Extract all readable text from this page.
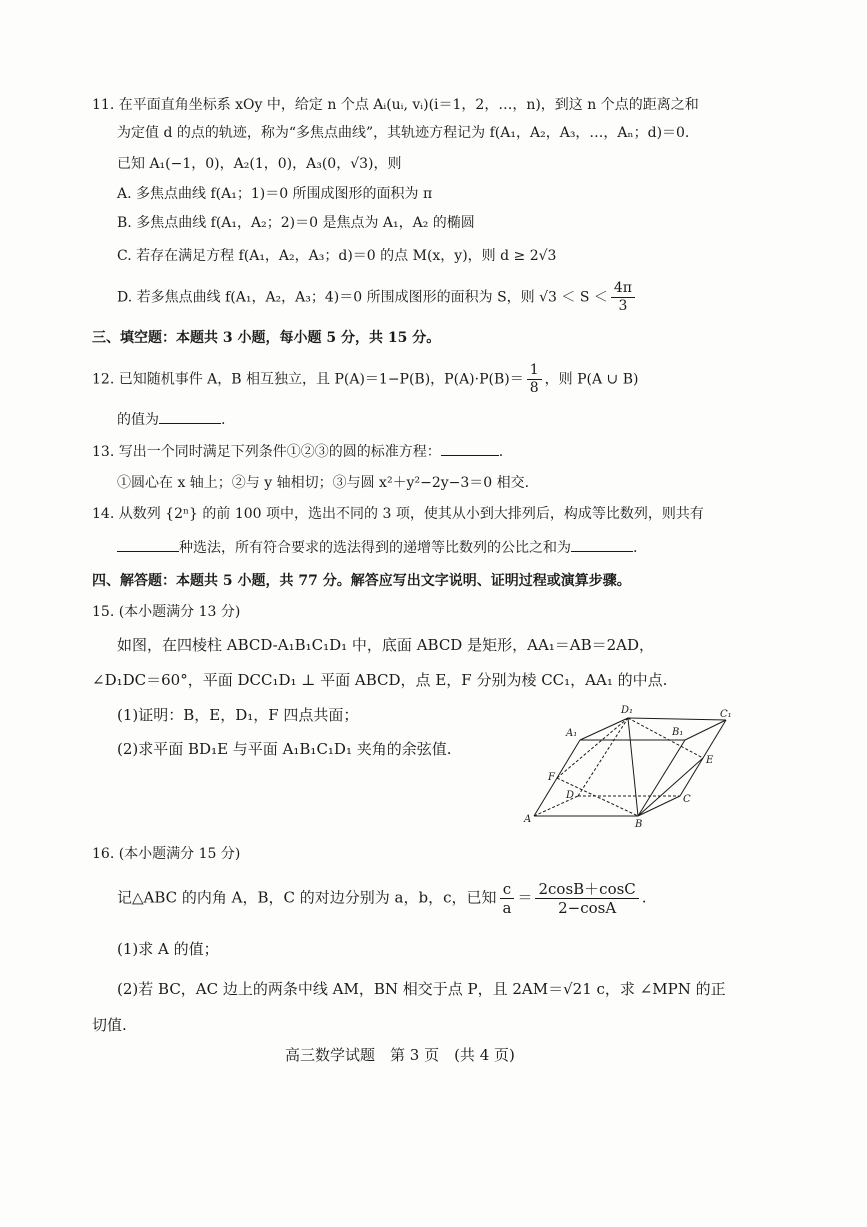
11. 在平面直角坐标系 xOy 中，给定 n 个点 Aᵢ(uᵢ, vᵢ)(i＝1，2，…，n)，到这 n 个点的距离之和
为定值 d 的点的轨迹，称为“多焦点曲线”，其轨迹方程记为 f(A₁，A₂，A₃，…，Aₙ；d)＝0.
已知 A₁(−1，0)，A₂(1，0)，A₃(0，√3)，则
A. 多焦点曲线 f(A₁；1)＝0 所围成图形的面积为 π
B. 多焦点曲线 f(A₁，A₂；2)＝0 是焦点为 A₁，A₂ 的椭圆
C. 若存在满足方程 f(A₁，A₂，A₃；d)＝0 的点 M(x，y)，则 d ≥ 2√3
D. 若多焦点曲线 f(A₁，A₂，A₃；4)＝0 所围成图形的面积为 S，则 $√3 < S < \frac{4\pi}{3}$
三、填空题：本题共 3 小题，每小题 5 分，共 15 分。
12. 已知随机事件 A，B 相互独立，且 P(A)＝1−P(B)，$P(A)\cdot P(B)= \frac{1}{8}$ ，则 P(A ∪ B)
的值为	.
13. 写出一个同时满足下列条件①②③的圆的标准方程：	.
①圆心在 x 轴上；②与 y 轴相切；③与圆 x²＋y²−2y−3＝0 相交.
14. 从数列 {2ⁿ} 的前 100 项中，选出不同的 3 项，使其从小到大排列后，构成等比数列，则共有
种选法，所有符合要求的选法得到的递增等比数列的公比之和为	.
四、解答题：本题共 5 小题，共 77 分。解答应写出文字说明、证明过程或演算步骤。
15. (本小题满分 13 分)
如图，在四棱柱 ABCD-A₁B₁C₁D₁ 中，底面 ABCD 是矩形，AA₁＝AB＝2AD，
∠D₁DC＝60°，平面 DCC₁D₁ ⊥ 平面 ABCD，点 E，F 分别为棱 CC₁，AA₁ 的中点.
(1)证明：B，E，D₁，F 四点共面；
(2)求平面 BD₁E 与平面 A₁B₁C₁D₁ 夹角的余弦值.
D₁	C₁
A₁	B₁
E
F
D	C
A	B
16. (本小题满分 15 分)
记△ABC 的内角 A，B，C 的对边分别为 a，b，c，已知 $\frac{c}{a} = \frac{2\cos B+\cos C}{2-\cos A}$ .
(1)求 A 的值；
(2)若 BC，AC 边上的两条中线 AM，BN 相交于点 P，且 2AM＝√21 c，求 ∠MPN 的正
切值.
高三数学试题　第 3 页　(共 4 页)
